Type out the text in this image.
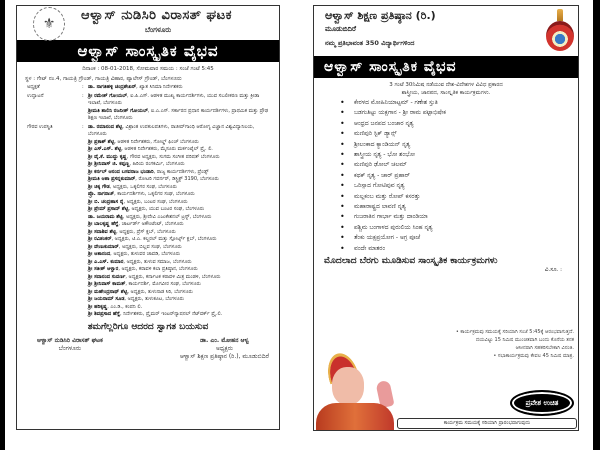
⚜
ಆಳ್ವಾಸ್ ನುಡಿಸಿರಿ ವಿರಾಸತ್ ಘಟಕ
ಬೆಂಗಳೂರು
ಆಳ್ವಾಸ್ ಸಾಂಸ್ಕೃತಿಕ ವೈಭವ
ದಿನಾಂಕ : 08-01-2018, ಸೋಮವಾರ ಸಮಯ : ಸಂಜೆ ಗಂಟೆ 5:45
ಸ್ಥಳ : ಗೇಟ್ ನಂ.4, ಗಾಯತ್ರಿ ಗ್ರೌಂಡ್, ಗಾಯತ್ರಿ ವಿಹಾರ, ಪ್ಯಾಲೇಸ್ ಗ್ರೌಂಡ್, ಬೆಂಗಳೂರು
ಅಧ್ಯಕ್ಷತೆ	: ಡಾ. ನಾಗತಿಹಳ್ಳಿ ಚಂದ್ರಶೇಖರ್, ಖ್ಯಾತ ಸಿನಿಮಾ ನಿರ್ದೇಶಕರು
ಉದ್ಘಾಟನೆ	: ಶ್ರೀ ರಮೇಶ್ ಗೋಯಲ್, ಐ.ಪಿ.ಎಸ್. ಆಡಳಿತ ಮುಖ್ಯ ಕಾರ್ಯದರ್ಶಿಗಳು, ಯುವ ಸಬಲೀಕರಣ ಮತ್ತು ಕ್ರೀಡಾ ಇಲಾಖೆ, ಬೆಂಗಳೂರು
ಶ್ರೀಮತಿ ಶಾಲಿನಿ ರಜನೀಶ್ ಗೋಯಲ್, ಐ.ಎ.ಎಸ್. ಸರ್ಕಾರದ ಪ್ರಧಾನ ಕಾರ್ಯದರ್ಶಿಗಳು, ಪ್ರಾಥಮಿಕ ಮತ್ತು ಪ್ರೌಢ ಶಿಕ್ಷಣ ಇಲಾಖೆ, ಬೆಂಗಳೂರು
ಗೌರವ ಉಪಸ್ಥಿತಿ	: ಡಾ. ರಮಾನಂದ ಶೆಟ್ಟಿ, ವಿಶ್ರಾಂತ ಉಪಕುಲಪತಿಗಳು, ರಾಜೀವ್‌ಗಾಂಧಿ ಆರೋಗ್ಯ ವಿಜ್ಞಾನ ವಿಶ್ವವಿದ್ಯಾನಿಲಯ, ಬೆಂಗಳೂರು
ಶ್ರೀ ಪ್ರಕಾಶ್ ಶೆಟ್ಟಿ, ಆಡಳಿತ ನಿರ್ದೇಶಕರು, ಗೋಲ್ಡ್ ಫಿಂಚ್ ಬೆಂಗಳೂರು
ಶ್ರೀ ಎಸ್.ಎಸ್. ಶೆಟ್ಟಿ, ಆಡಳಿತ ನಿರ್ದೇಶಕರು, ಮೈಸೂರು ಮರ್ಕಂಟೈಲ್ ಪ್ರೈ. ಲಿ.
ಶ್ರೀ ವೈ.ಕೆ. ಮುದ್ದು ಕೃಷ್ಣ, ಗೌರವ ಅಧ್ಯಕ್ಷರು, ಸುಗಮ ಸಂಗೀತ ಪರಿಷತ್ ಬೆಂಗಳೂರು
ಶ್ರೀ ಶ್ರೀನಿವಾಸ್ ಜಿ. ಕಪ್ಪಣ್ಣ, ಹಿರಿಯ ರಂಗಕರ್ಮಿ, ಬೆಂಗಳೂರು
ಶ್ರೀ ಕರ್ನಲ್ ಆನಂದ ಬಸವರಾಜ ಭಂಡಾರಿ, ರಾಜ್ಯ ಕಾರ್ಯದರ್ಶಿಗಳು, ಫ್ರೆಂಡ್ಸ್
ಶ್ರೀಮತಿ ಆಶಾ ಪ್ರಸನ್ನಕುಮಾರ್, ರೋಟರಿ ಗವರ್ನರ್, ಡಿಸ್ಟ್ರಿಕ್ಟ್ 3190, ಬೆಂಗಳೂರು
ಶ್ರೀ ಚಿಕ್ಕ ಗೌಡ, ಅಧ್ಯಕ್ಷರು, ಒಕ್ಕಲಿಗರ ಸಂಘ, ಬೆಂಗಳೂರು
ಪ್ರೊ. ನಾಗರಾಜ್, ಕಾರ್ಯದರ್ಶಿಗಳು, ಒಕ್ಕಲಿಗರ ಸಂಘ, ಬೆಂಗಳೂರು
ಶ್ರೀ ಬಿ. ಚಂದ್ರಹಾಸ ರೈ, ಅಧ್ಯಕ್ಷರು, ಬಂಟರ ಸಂಘ, ಬೆಂಗಳೂರು
ಶ್ರೀ ಪ್ರೇಮ್ ಪ್ರಸಾದ್ ಶೆಟ್ಟಿ, ಅಧ್ಯಕ್ಷರು, ಯುವ ಬಂಟರ ಸಂಘ, ಬೆಂಗಳೂರು
ಡಾ. ಜಯರಾಮ ಶೆಟ್ಟಿ, ಅಧ್ಯಕ್ಷರು, ಶ್ರೀದೇವಿ ಎಜುಕೇಶನಲ್ ಟ್ರಸ್ಟ್, ಬೆಂಗಳೂರು
ಶ್ರೀ ಬಾಲಕೃಷ್ಣ ಹೆಗ್ಡೆ, ಚಾರ್ಟರ್ಡ್ ಅಕೌಂಟೆಂಟ್, ಬೆಂಗಳೂರು
ಶ್ರೀ ಸದಾಶಿವ ಶೆಟ್ಟಿ, ಅಧ್ಯಕ್ಷರು, ಪ್ರೆಸ್ ಕ್ಲಬ್, ಬೆಂಗಳೂರು
ಶ್ರೀ ರವಿಶಂಕರ್, ಅಧ್ಯಕ್ಷರು, ಟಿ.ಎ. ಕಲ್ಚರಲ್ ಮತ್ತು ಸ್ಪೋರ್ಟ್ಸ್ ಕ್ಲಬ್, ಬೆಂಗಳೂರು
ಶ್ರೀ ವೇಣುಕುಮಾರ್, ಅಧ್ಯಕ್ಷರು, ಬಿಲ್ಲವ ಸಂಘ, ಬೆಂಗಳೂರು
ಶ್ರೀ ಆಶಾನಂದ, ಅಧ್ಯಕ್ಷರು, ತುಳುವರ ಚಾವಡಿ, ಬೆಂಗಳೂರು
ಶ್ರೀ ಎ.ಎಸ್. ಕುಮಾರ, ಅಧ್ಯಕ್ಷರು, ತುಳುವ ಸಮಾಜ, ಬೆಂಗಳೂರು
ಶ್ರೀ ಸತೀಶ್ ಆಳ್ವಾರ, ಅಧ್ಯಕ್ಷರು, ಕರಾವಳಿ ಕಲಾ ಪ್ರತಿಷ್ಠಾನ, ಬೆಂಗಳೂರು
ಶ್ರೀ ಸದಾನಂದ ಸುವರ್ಣ, ಅಧ್ಯಕ್ಷರು, ಕರ್ನಾಟಕ ಕರಾವಳಿ ಮಿತ್ರ ಮಂಡಳಿ, ಬೆಂಗಳೂರು
ಶ್ರೀ ಶ್ರೀನಿವಾಸ್ ಕಾಮತ್, ಕಾರ್ಯದರ್ಶಿ, ಮೊಗವೀರ ಸಂಘ, ಬೆಂಗಳೂರು
ಶ್ರೀ ಮಹೇಂದ್ರನಾಥ್ ಶೆಟ್ಟಿ, ಅಧ್ಯಕ್ಷರು, ತುಳುನಾಡ ಸಿರಿ, ಬೆಂಗಳೂರು
ಶ್ರೀ ಜಯರಾಮ್ ಸೂಡ, ಅಧ್ಯಕ್ಷರು, ತುಳುಕೂಟ, ಬೆಂಗಳೂರು
ಶ್ರೀ ಹರಿಕೃಷ್ಣ, ಎಂ.ಡಿ., ಕಂಪನಿ ಲಿ.
ಶ್ರೀ ಶಿವಪ್ರಸಾದ ಹೆಗ್ಡೆ, ನಿರ್ದೇಶಕರು, ಪ್ರೈಮರ್ ಇಂಟರ್‌ನ್ಯಾಷನಲ್ ನೆಟ್‌ವರ್ಕ್ ಪ್ರೈ.ಲಿ.
ತಮಗೆಲ್ಲರಿಗೂ ಆದರದ ಸ್ವಾಗತ ಬಯಸುವ
ಆಳ್ವಾಸ್ ನುಡಿಸಿರಿ ವಿರಾಸತ್ ಘಟಕ
ಬೆಂಗಳೂರು
ಡಾ. ಎಂ. ಮೋಹನ ಆಳ್ವ
ಅಧ್ಯಕ್ಷರು
ಆಳ್ವಾಸ್ ಶಿಕ್ಷಣ ಪ್ರತಿಷ್ಠಾನ (ರಿ.), ಮೂಡುಬಿದಿರೆ
ಆಳ್ವಾಸ್ ಶಿಕ್ಷಣ ಪ್ರತಿಷ್ಠಾನ (ರಿ.)
ಮೂಡುಬಿದಿರೆ
ನಮ್ಮ ಪ್ರತಿಭಾವಂತ 350 ವಿದ್ಯಾರ್ಥಿಗಳಿಂದ
ಆಳ್ವಾಸ್ ಸಾಂಸ್ಕೃತಿಕ ವೈಭವ
3 ಗಂಟೆ 30ನಿಮಿಷ ನಡೆಯುವ ದೇಶ-ವಿದೇಶಗಳ ವಿವಿಧ ಪ್ರಕಾರದ
ಶಾಸ್ತ್ರೀಯ, ಜಾನಪದ, ಸಾಂಸ್ಕೃತಿಕ ಕಾರ್ಯಕ್ರಮಗಳು.
• ಕೇರಳದ ಮೋಹಿನಿಯಾಟ್ಟಮ್ - ಗಣೇಶ ಸ್ತುತಿ
• ಬಡಗುತಿಟ್ಟು ಯಕ್ಷಗಾನ - ಶ್ರೀ ರಾಮ ಪಟ್ಟಾಭಿಷೇಕ
• ಆಂಧ್ರದ ಜನಪದ ಬಂಜಾರ ನೃತ್ಯ
• ಮಣಿಪುರಿ ಸ್ಟಿಕ್ ಡ್ಯಾನ್ಸ್
• ಶ್ರೀಲಂಕಾದ ಕ್ಯಾಂಡಿಯನ್ ನೃತ್ಯ
• ಶಾಸ್ತ್ರೀಯ ನೃತ್ಯ - ಭೋ ಶಂಭೋ
• ಮಣಿಪುರಿ ಢೋಲ್ ಚಲಮ್
• ಕಥಕ್ ನೃತ್ಯ - ಚಾರ್ ಪ್ರಹಾರ್
• ಒರಿಸ್ಸಾದ ಗೋಟಿಪುವ ನೃತ್ಯ
• ಮಲ್ಲಕಂಬ ಮತ್ತು ರೋಪ್ ಕಸರತ್ತು
• ಮಹಾರಾಷ್ಟ್ರದ ಲಾವಣಿ ನೃತ್ಯ
• ಗುಜರಾತಿನ ಗಾರ್ಭಾ ಮತ್ತು ದಾಂಡಿಯಾ
• ಪಶ್ಚಿಮ ಬಂಗಾಳದ ಪುರುಲಿಯ ಸಿಂಹ ನೃತ್ಯ
• ತೆಂಕು ಯಕ್ಷಪ್ರಯೋಗ - ಅಗ್ರ ಪೂಜೆ
• ವಂದೇ ಮಾತರಂ
ಮೊದಲಾದ ಬೆರಗು ಮೂಡಿಸುವ ಸಾಂಸ್ಕೃತಿಕ ಕಾರ್ಯಕ್ರಮಗಳು
ವಿ.ಸೂ. :
• ಕಾರ್ಯಕ್ರಮವು ಸಮಯಕ್ಕೆ ಸರಿಯಾಗಿ ಸಂಜೆ 5:45ಕ್ಕೆ ಆರಂಭವಾಗುತ್ತದೆ.
ದಯವಿಟ್ಟು 15 ನಿಮಿಷ ಮುಂಚಿತವಾಗಿ ಬಂದು ಕೊನೆಯ ತನಕ
ಆಸೀನರಾಗಿ ಸಹಕರಿಸಬೇಕಾಗಿ ವಿನಂತಿ.
• ಸಭಾಕಾರ್ಯಕ್ರಮವು ಕೇವಲ 45 ನಿಮಿಷ ಮಾತ್ರ.
ಪ್ರವೇಶ ಉಚಿತ
ಕಾರ್ಯಕ್ರಮ ಸಮಯಕ್ಕೆ ಸರಿಯಾಗಿ ಪ್ರಾರಂಭವಾಗುವುದು
